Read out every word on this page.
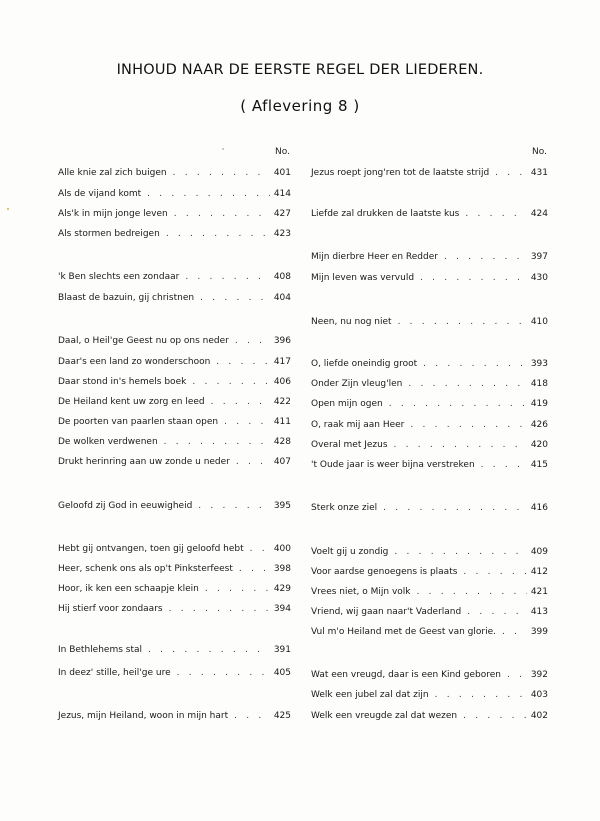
INHOUD NAAR DE EERSTE REGEL DER LIEDEREN.
( Aflevering 8 )
No.	No.
Alle knie zal zich buigen . . .	401
Als de vijand komt . . .	414
Als'k in mijn jonge leven . . .	427
Als stormen bedreigen . . .	423
'k Ben slechts een zondaar . . .	408
Blaast de bazuin, gij christnen . . .	404
Daal, o Heil'ge Geest nu op ons neder . . .	396
Daar's een land zo wonderschoon . . .	417
Daar stond in's hemels boek . . .	406
De Heiland kent uw zorg en leed . . .	422
De poorten van paarlen staan open . . .	411
De wolken verdwenen . . .	428
Drukt herinring aan uw zonde u neder . . .	407
Geloofd zij God in eeuwigheid . . .	395
Hebt gij ontvangen, toen gij geloofd hebt . . .	400
Heer, schenk ons als op't Pinksterfeest . . .	398
Hoor, ik ken een schaapje klein . . .	429
Hij stierf voor zondaars . . .	394
In Bethlehems stal . . .	391
In deez' stille, heil'ge ure . . .	405
Jezus, mijn Heiland, woon in mijn hart . . .	425
Jezus roept jong'ren tot de laatste strijd . . .	431
Liefde zal drukken de laatste kus . . .	424
Mijn dierbre Heer en Redder . . .	397
Mijn leven was vervuld . . .	430
Neen, nu nog niet . . .	410
O, liefde oneindig groot . . .	393
Onder Zijn vleug'len . . .	418
Open mijn ogen . . .	419
O, raak mij aan Heer . . .	426
Overal met Jezus . . .	420
't Oude jaar is weer bijna verstreken . . .	415
Sterk onze ziel . . .	416
Voelt gij u zondig . . .	409
Voor aardse genoegens is plaats . . .	412
Vrees niet, o Mijn volk . . .	421
Vriend, wij gaan naar't Vaderland . . .	413
Vul m'o Heiland met de Geest van glorie. . . .	399
Wat een vreugd, daar is een Kind geboren . . .	392
Welk een jubel zal dat zijn . . .	403
Welk een vreugde zal dat wezen . . .	402
